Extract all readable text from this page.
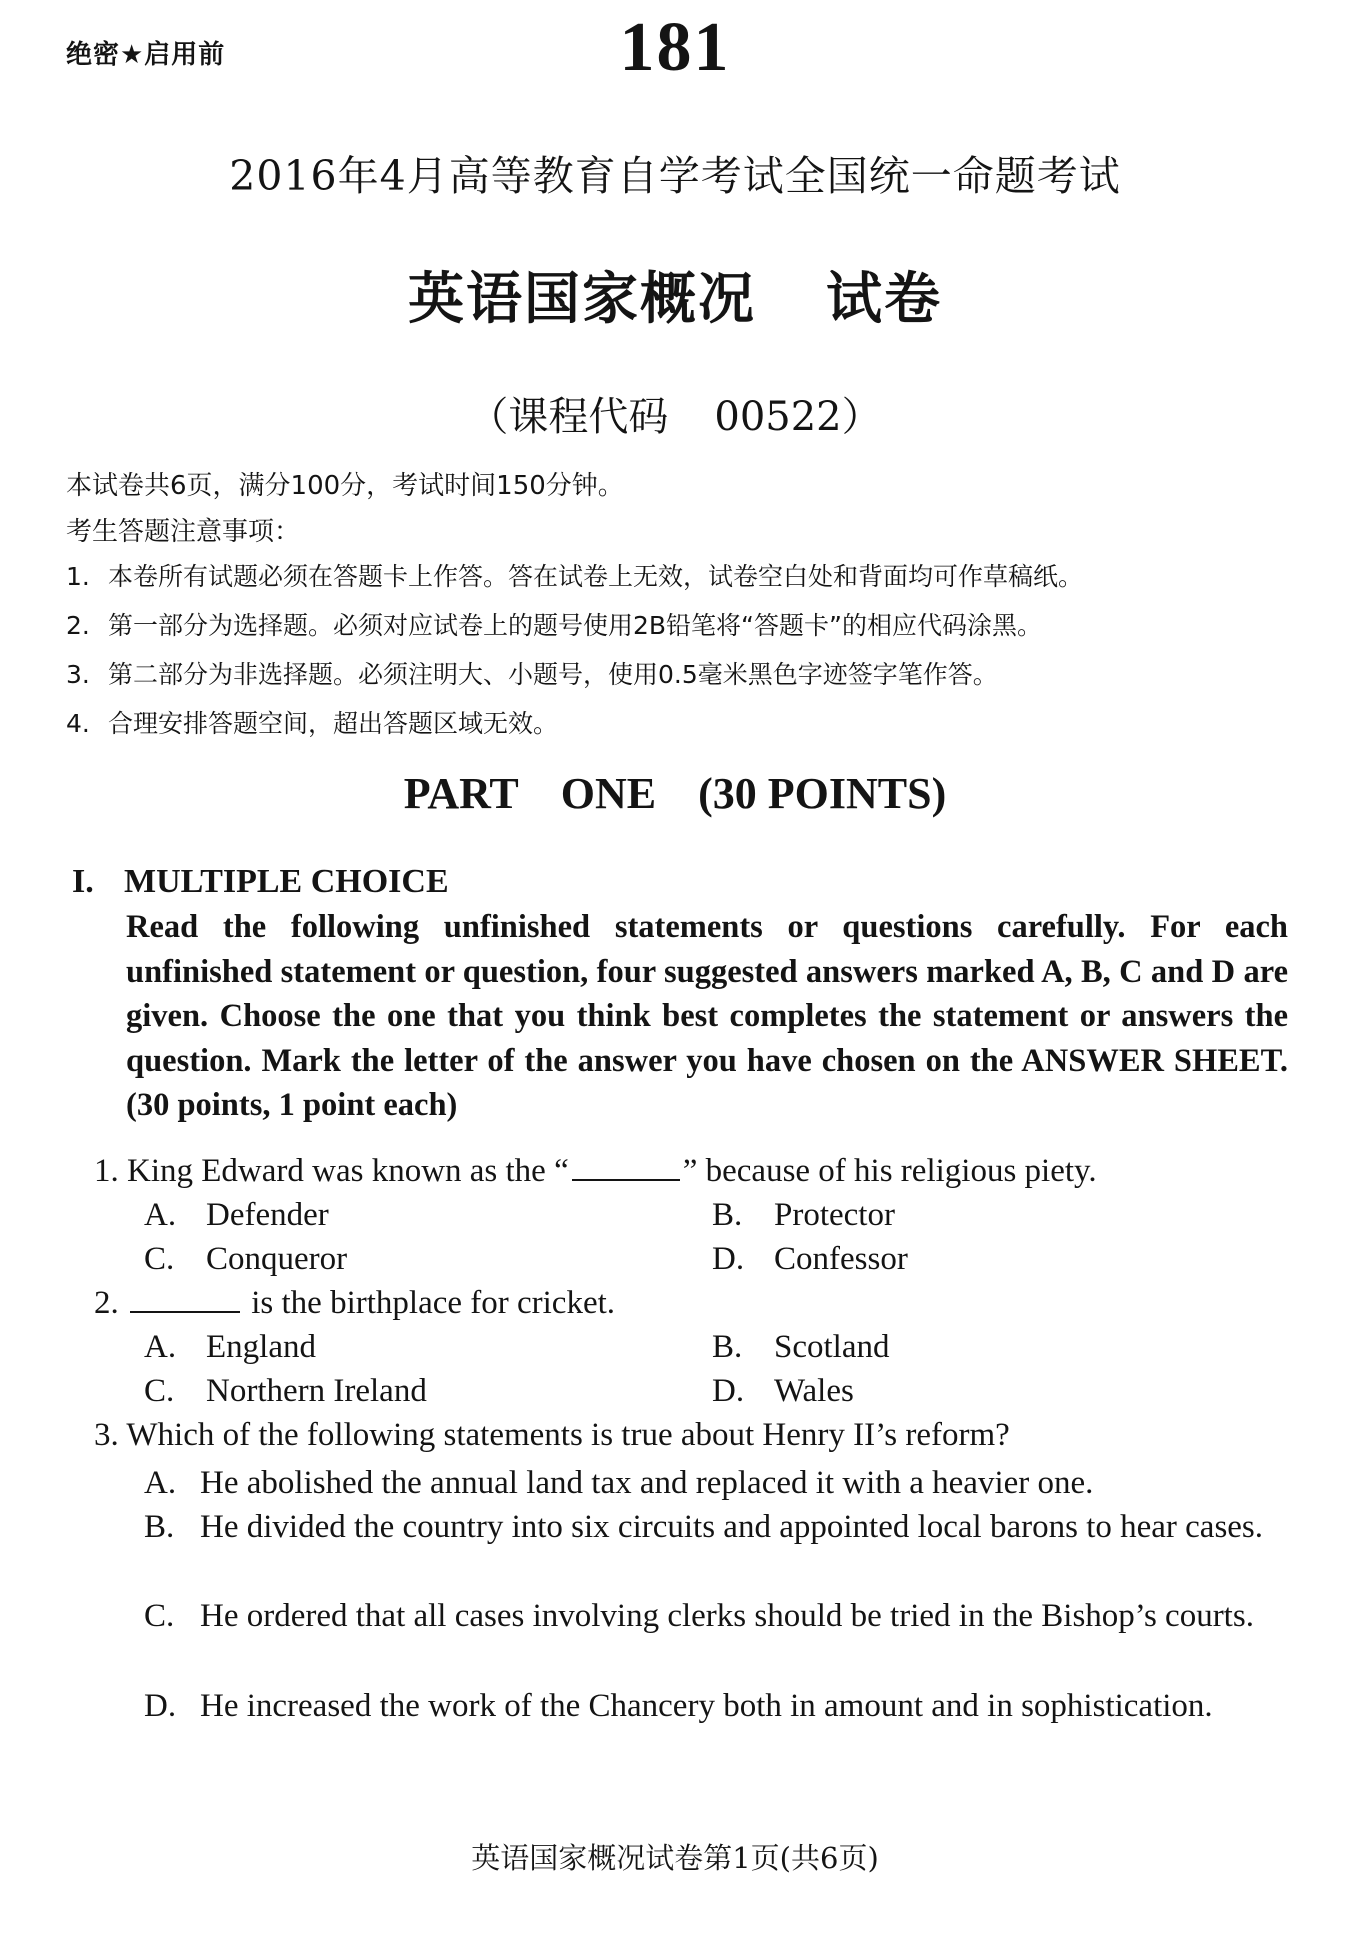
绝密★启用前	181
2016年4月高等教育自学考试全国统一命题考试
英语国家概况 试卷
（课程代码 00522）
本试卷共6页，满分100分，考试时间150分钟。
考生答题注意事项：
1. 本卷所有试题必须在答题卡上作答。答在试卷上无效，试卷空白处和背面均可作草稿纸。
2. 第一部分为选择题。必须对应试卷上的题号使用2B铅笔将“答题卡”的相应代码涂黑。
3. 第二部分为非选择题。必须注明大、小题号，使用0.5毫米黑色字迹签字笔作答。
4. 合理安排答题空间，超出答题区域无效。
PART ONE (30 POINTS)
I. MULTIPLE CHOICE

Read the following unfinished statements or questions carefully. For each unfinished statement or question, four suggested answers marked A, B, C and D are given. Choose the one that you think best completes the statement or answers the question. Mark the letter of the answer you have chosen on the ANSWER SHEET. (30 points, 1 point each)

1. King Edward was known as the “	” because of his religious piety.
A. Defender	B. Protector
C. Conqueror	D. Confessor
2.	is the birthplace for cricket.
A. England	B. Scotland
C. Northern Ireland	D. Wales
3. Which of the following statements is true about Henry II’s reform?
A. He abolished the annual land tax and replaced it with a heavier one.
B. He divided the country into six circuits and appointed local barons to hear cases.
C. He ordered that all cases involving clerks should be tried in the Bishop’s courts.
D. He increased the work of the Chancery both in amount and in sophistication.
英语国家概况试卷第1页(共6页)
